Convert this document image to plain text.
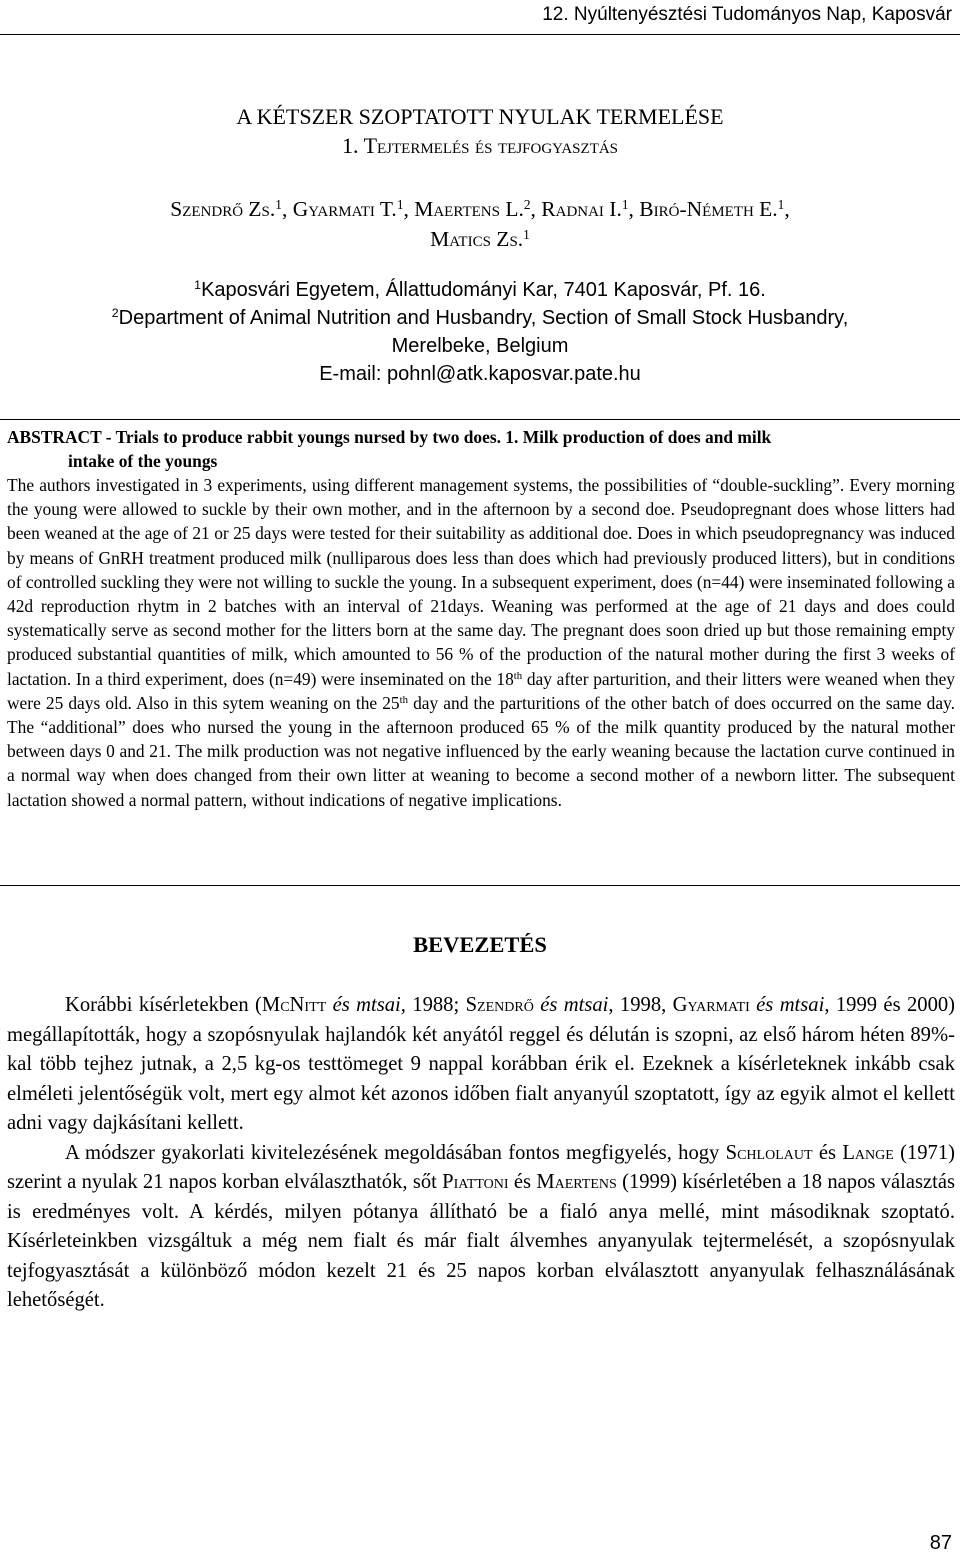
12. Nyúltenyésztési Tudományos Nap, Kaposvár
A KÉTSZER SZOPTATOTT NYULAK TERMELÉSE
1. Tejtermelés és tejfogyasztás
Szendrő Zs.$^1$, Gyarmati T.$^1$, Maertens L.$^2$, Radnai I.$^1$, Biró-Németh E.$^1$,
Matics Zs.$^1$
$^1$Kaposvári Egyetem, Állattudományi Kar, 7401 Kaposvár, Pf. 16.
$^2$Department of Animal Nutrition and Husbandry, Section of Small Stock Husbandry,
Merelbeke, Belgium
E-mail: pohnl@atk.kaposvar.pate.hu
ABSTRACT - Trials to produce rabbit youngs nursed by two does. 1. Milk production of does and milk
intake of the youngs
The authors investigated in 3 experiments, using different management systems, the possibilities of “double-suckling”. Every morning the young were allowed to suckle by their own mother, and in the afternoon by a second doe. Pseudopregnant does whose litters had been weaned at the age of 21 or 25 days were tested for their suitability as additional doe. Does in which pseudopregnancy was induced by means of GnRH treatment produced milk (nulliparous does less than does which had previously produced litters), but in conditions of controlled suckling they were not willing to suckle the young. In a subsequent experiment, does (n=44) were inseminated following a 42d reproduction rhytm in 2 batches with an interval of 21days. Weaning was performed at the age of 21 days and does could systematically serve as second mother for the litters born at the same day. The pregnant does soon dried up but those remaining empty produced substantial quantities of milk, which amounted to 56 % of the production of the natural mother during the first 3 weeks of lactation. In a third experiment, does (n=49) were inseminated on the 18th day after parturition, and their litters were weaned when they were 25 days old. Also in this sytem weaning on the 25th day and the parturitions of the other batch of does occurred on the same day. The “additional” does who nursed the young in the afternoon produced 65 % of the milk quantity produced by the natural mother between days 0 and 21. The milk production was not negative influenced by the early weaning because the lactation curve continued in a normal way when does changed from their own litter at weaning to become a second mother of a newborn litter. The subsequent lactation showed a normal pattern, without indications of negative implications.
BEVEZETÉS

Korábbi kísérletekben (McNitt és mtsai, 1988; Szendrő és mtsai, 1998, Gyarmati és mtsai, 1999 és 2000) megállapították, hogy a szopósnyulak hajlandók két anyától reggel és délután is szopni, az első három héten 89%-kal több tejhez jutnak, a 2,5 kg-os testtömeget 9 nappal korábban érik el. Ezeknek a kísérleteknek inkább csak elméleti jelentőségük volt, mert egy almot két azonos időben fialt anyanyúl szoptatott, így az egyik almot el kellett adni vagy dajkásítani kellett.

A módszer gyakorlati kivitelezésének megoldásában fontos megfigyelés, hogy Schlolaut és Lange (1971) szerint a nyulak 21 napos korban elválaszthatók, sőt Piattoni és Maertens (1999) kísérletében a 18 napos választás is eredményes volt. A kérdés, milyen pótanya állítható be a fialó anya mellé, mint másodiknak szoptató. Kísérleteinkben vizsgáltuk a még nem fialt és már fialt álvemhes anyanyulak tejtermelését, a szopósnyulak tejfogyasztását a különböző módon kezelt 21 és 25 napos korban elválasztott anyanyulak felhasználásának lehetőségét.

87
